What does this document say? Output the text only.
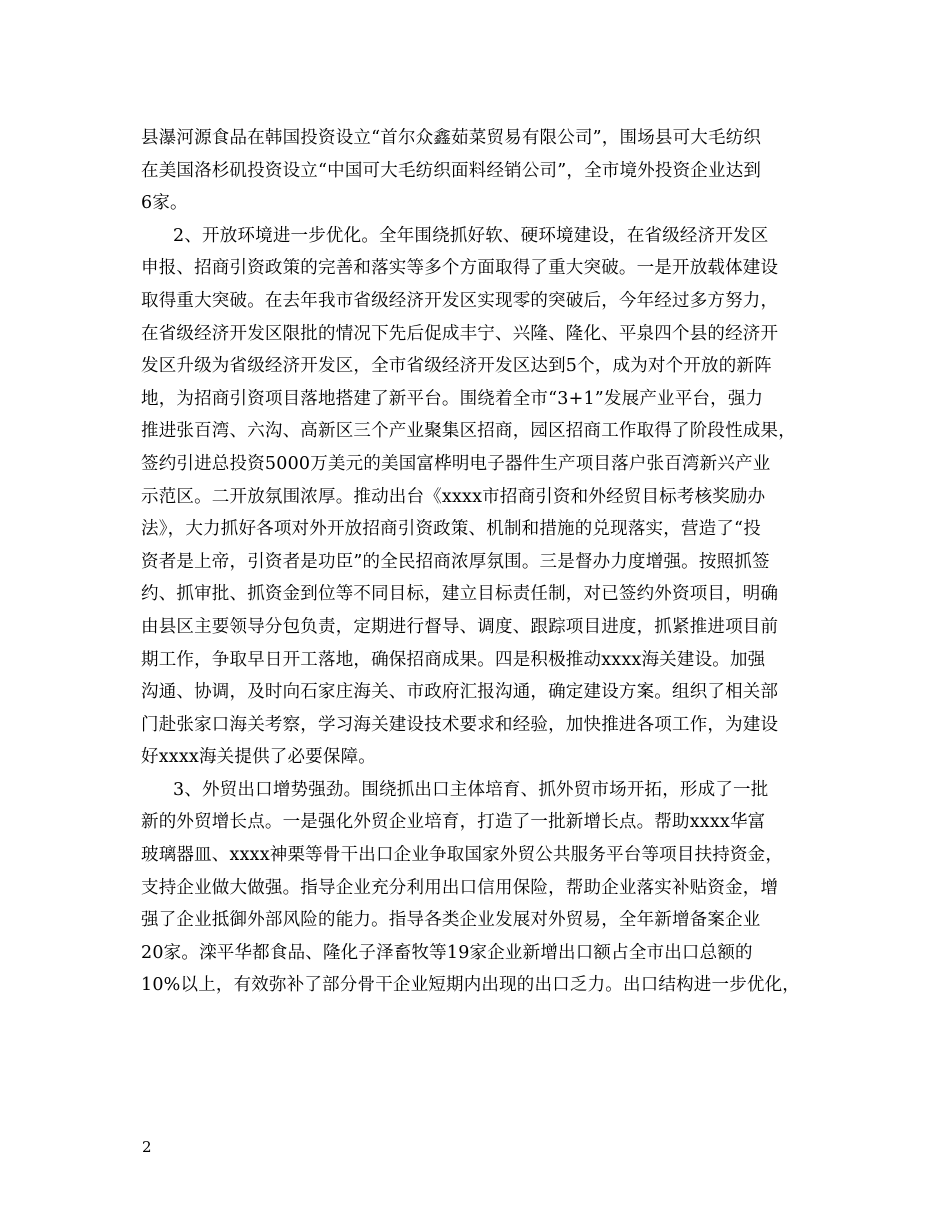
县瀑河源食品在韩国投资设立“首尔众鑫茹菜贸易有限公司”，围场县可大毛纺织
在美国洛杉矶投资设立“中国可大毛纺织面料经销公司”，全市境外投资企业达到
6家。
2、开放环境进一步优化。全年围绕抓好软、硬环境建设，在省级经济开发区
申报、招商引资政策的完善和落实等多个方面取得了重大突破。一是开放载体建设
取得重大突破。在去年我市省级经济开发区实现零的突破后，今年经过多方努力，
在省级经济开发区限批的情况下先后促成丰宁、兴隆、隆化、平泉四个县的经济开
发区升级为省级经济开发区，全市省级经济开发区达到5个，成为对个开放的新阵
地，为招商引资项目落地搭建了新平台。围绕着全市“3+1”发展产业平台，强力
推进张百湾、六沟、高新区三个产业聚集区招商，园区招商工作取得了阶段性成果，
签约引进总投资5000万美元的美国富桦明电子器件生产项目落户张百湾新兴产业
示范区。二开放氛围浓厚。推动出台《xxxx市招商引资和外经贸目标考核奖励办
法》，大力抓好各项对外开放招商引资政策、机制和措施的兑现落实，营造了“投
资者是上帝，引资者是功臣”的全民招商浓厚氛围。三是督办力度增强。按照抓签
约、抓审批、抓资金到位等不同目标，建立目标责任制，对已签约外资项目，明确
由县区主要领导分包负责，定期进行督导、调度、跟踪项目进度，抓紧推进项目前
期工作，争取早日开工落地，确保招商成果。四是积极推动xxxx海关建设。加强
沟通、协调，及时向石家庄海关、市政府汇报沟通，确定建设方案。组织了相关部
门赴张家口海关考察，学习海关建设技术要求和经验，加快推进各项工作，为建设
好xxxx海关提供了必要保障。
3、外贸出口增势强劲。围绕抓出口主体培育、抓外贸市场开拓，形成了一批
新的外贸增长点。一是强化外贸企业培育，打造了一批新增长点。帮助xxxx华富
玻璃器皿、xxxx神栗等骨干出口企业争取国家外贸公共服务平台等项目扶持资金，
支持企业做大做强。指导企业充分利用出口信用保险，帮助企业落实补贴资金，增
强了企业抵御外部风险的能力。指导各类企业发展对外贸易，全年新增备案企业
20家。滦平华都食品、隆化子泽畜牧等19家企业新增出口额占全市出口总额的
10%以上，有效弥补了部分骨干企业短期内出现的出口乏力。出口结构进一步优化，
2
